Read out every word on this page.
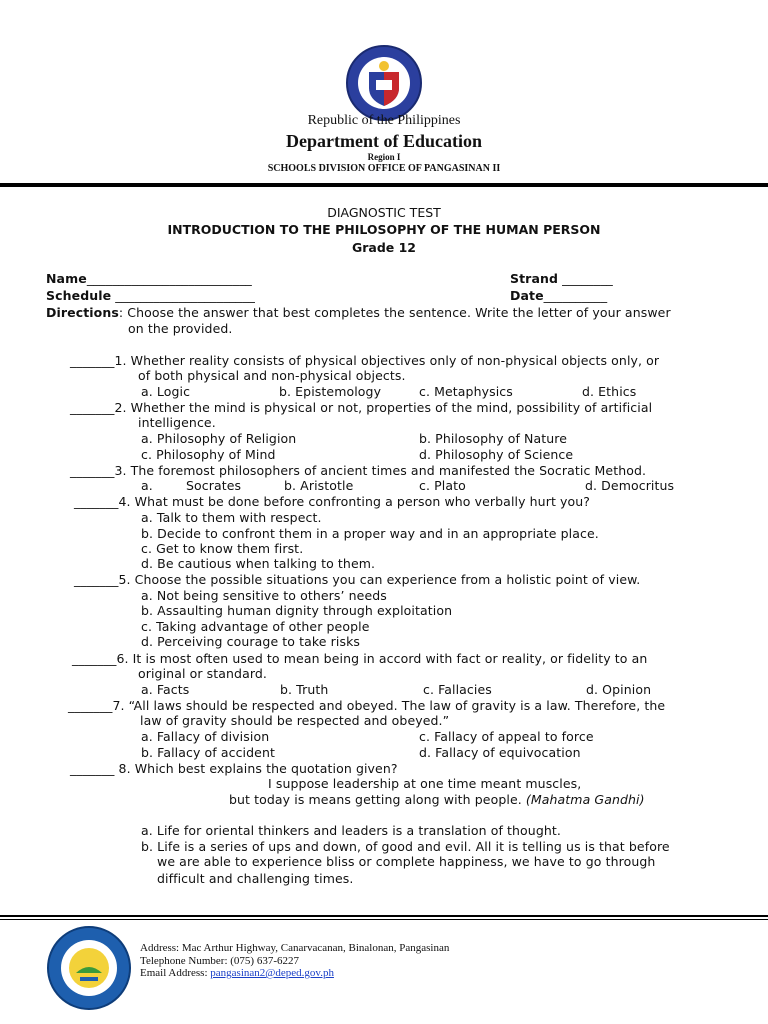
Republic of the Philippines
Department of Education
Region I
SCHOOLS DIVISION OFFICE OF PANGASINAN II
DIAGNOSTIC TEST
INTRODUCTION TO THE PHILOSOPHY OF THE HUMAN PERSON
Grade 12
Name__________________________	Strand ________
Schedule ______________________	Date__________
Directions: Choose the answer that best completes the sentence. Write the letter of your answer
on the provided.
_______1. Whether reality consists of physical objectives only of non-physical objects only, or
of both physical and non-physical objects.
a. Logic	b. Epistemology	c. Metaphysics	d. Ethics
_______2. Whether the mind is physical or not, properties of the mind, possibility of artificial
intelligence.
a. Philosophy of Religion	b. Philosophy of Nature
c. Philosophy of Mind	d. Philosophy of Science
_______3. The foremost philosophers of ancient times and manifested the Socratic Method.
a.	Socrates	b. Aristotle	c. Plato	d. Democritus
_______4. What must be done before confronting a person who verbally hurt you?
a. Talk to them with respect.
b. Decide to confront them in a proper way and in an appropriate place.
c. Get to know them first.
d. Be cautious when talking to them.
_______5. Choose the possible situations you can experience from a holistic point of view.
a. Not being sensitive to others’ needs
b. Assaulting human dignity through exploitation
c. Taking advantage of other people
d. Perceiving courage to take risks
_______6. It is most often used to mean being in accord with fact or reality, or fidelity to an
original or standard.
a. Facts	b. Truth	c. Fallacies	d. Opinion
_______7. “All laws should be respected and obeyed. The law of gravity is a law. Therefore, the
law of gravity should be respected and obeyed.”
a. Fallacy of division	c. Fallacy of appeal to force
b. Fallacy of accident	d. Fallacy of equivocation
_______ 8. Which best explains the quotation given?
I suppose leadership at one time meant muscles,
but today is means getting along with people. (Mahatma Gandhi)
a. Life for oriental thinkers and leaders is a translation of thought.
b. Life is a series of ups and down, of good and evil. All it is telling us is that before
we are able to experience bliss or complete happiness, we have to go through
difficult and challenging times.
Address: Mac Arthur Highway, Canarvacanan, Binalonan, Pangasinan
Telephone Number: (075) 637-6227
Email Address: pangasinan2@deped.gov.ph
